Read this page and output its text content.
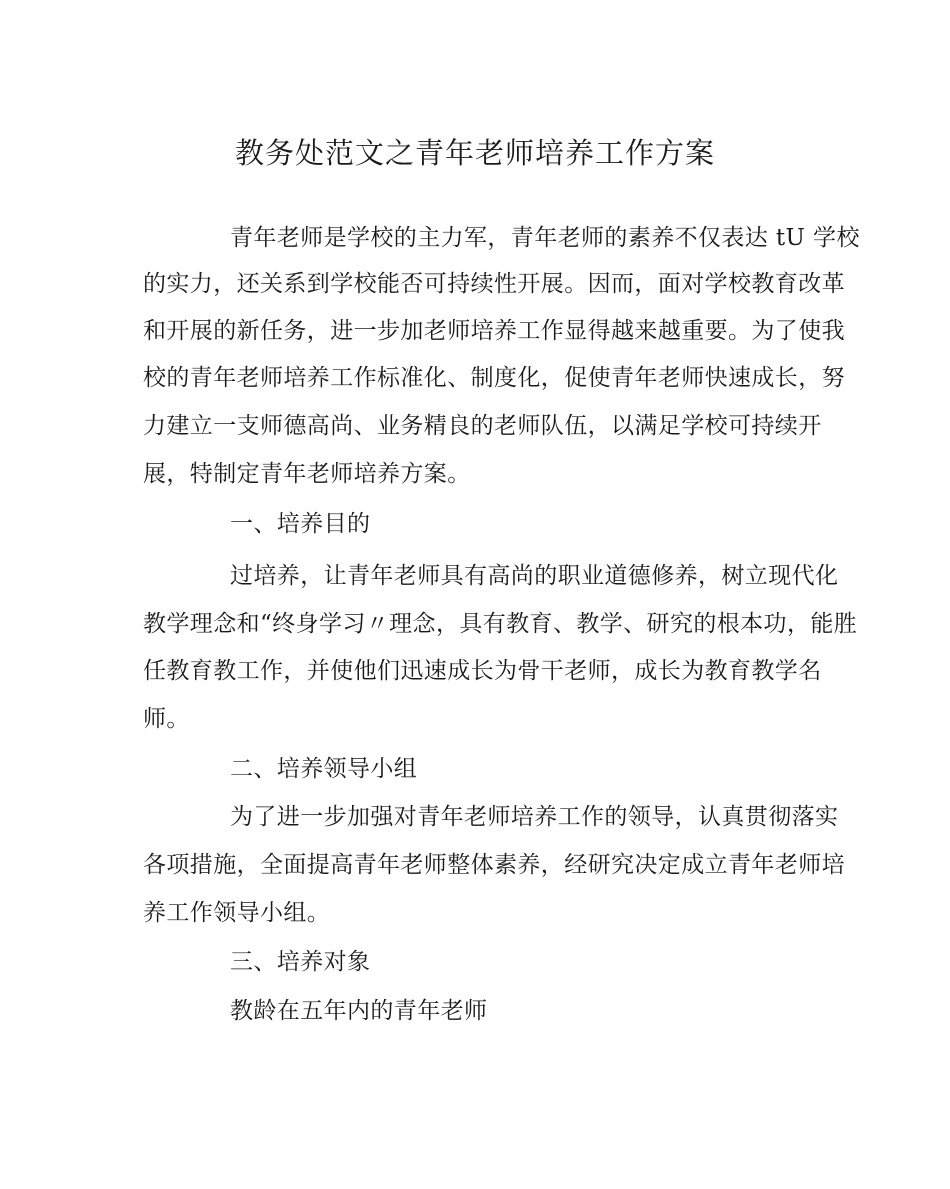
教务处范文之青年老师培养工作方案

青年老师是学校的主力军，青年老师的素养不仅表达 tU 学校

的实力，还关系到学校能否可持续性开展。因而，面对学校教育改革

和开展的新任务，进一步加老师培养工作显得越来越重要。为了使我

校的青年老师培养工作标准化、制度化，促使青年老师快速成长，努

力建立一支师德高尚、业务精良的老师队伍，以满足学校可持续开

展，特制定青年老师培养方案。

一、培养目的

过培养，让青年老师具有高尚的职业道德修养，树立现代化

教学理念和“终身学习〃理念，具有教育、教学、研究的根本功，能胜

任教育教工作，并使他们迅速成长为骨干老师，成长为教育教学名

师。

二、培养领导小组

为了进一步加强对青年老师培养工作的领导，认真贯彻落实

各项措施，全面提高青年老师整体素养，经研究决定成立青年老师培

养工作领导小组。

三、培养对象

教龄在五年内的青年老师
